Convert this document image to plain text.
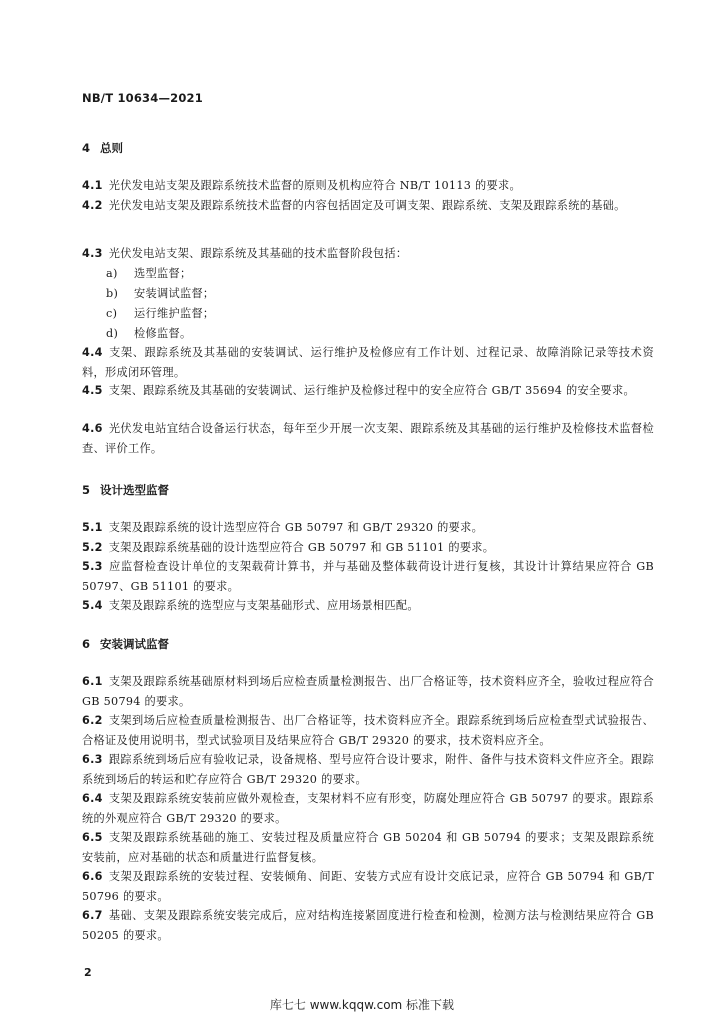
NB/T 10634—2021
4 总则
4.1 光伏发电站支架及跟踪系统技术监督的原则及机构应符合 NB/T 10113 的要求。
4.2 光伏发电站支架及跟踪系统技术监督的内容包括固定及可调支架、跟踪系统、支架及跟踪系统的基础。
4.3 光伏发电站支架、跟踪系统及其基础的技术监督阶段包括：
a) 选型监督；
b) 安装调试监督；
c) 运行维护监督；
d) 检修监督。
4.4 支架、跟踪系统及其基础的安装调试、运行维护及检修应有工作计划、过程记录、故障消除记录等技术资料，形成闭环管理。
4.5 支架、跟踪系统及其基础的安装调试、运行维护及检修过程中的安全应符合 GB/T 35694 的安全要求。
4.6 光伏发电站宜结合设备运行状态，每年至少开展一次支架、跟踪系统及其基础的运行维护及检修技术监督检查、评价工作。
5 设计选型监督
5.1 支架及跟踪系统的设计选型应符合 GB 50797 和 GB/T 29320 的要求。
5.2 支架及跟踪系统基础的设计选型应符合 GB 50797 和 GB 51101 的要求。
5.3 应监督检查设计单位的支架载荷计算书，并与基础及整体载荷设计进行复核，其设计计算结果应符合 GB 50797、GB 51101 的要求。
5.4 支架及跟踪系统的选型应与支架基础形式、应用场景相匹配。
6 安装调试监督
6.1 支架及跟踪系统基础原材料到场后应检查质量检测报告、出厂合格证等，技术资料应齐全，验收过程应符合 GB 50794 的要求。
6.2 支架到场后应检查质量检测报告、出厂合格证等，技术资料应齐全。跟踪系统到场后应检查型式试验报告、合格证及使用说明书，型式试验项目及结果应符合 GB/T 29320 的要求，技术资料应齐全。
6.3 跟踪系统到场后应有验收记录，设备规格、型号应符合设计要求，附件、备件与技术资料文件应齐全。跟踪系统到场后的转运和贮存应符合 GB/T 29320 的要求。
6.4 支架及跟踪系统安装前应做外观检查，支架材料不应有形变，防腐处理应符合 GB 50797 的要求。跟踪系统的外观应符合 GB/T 29320 的要求。
6.5 支架及跟踪系统基础的施工、安装过程及质量应符合 GB 50204 和 GB 50794 的要求；支架及跟踪系统安装前，应对基础的状态和质量进行监督复核。
6.6 支架及跟踪系统的安装过程、安装倾角、间距、安装方式应有设计交底记录，应符合 GB 50794 和 GB/T 50796 的要求。
6.7 基础、支架及跟踪系统安装完成后，应对结构连接紧固度进行检查和检测，检测方法与检测结果应符合 GB 50205 的要求。
2
库七七 www.kqqw.com 标准下载
